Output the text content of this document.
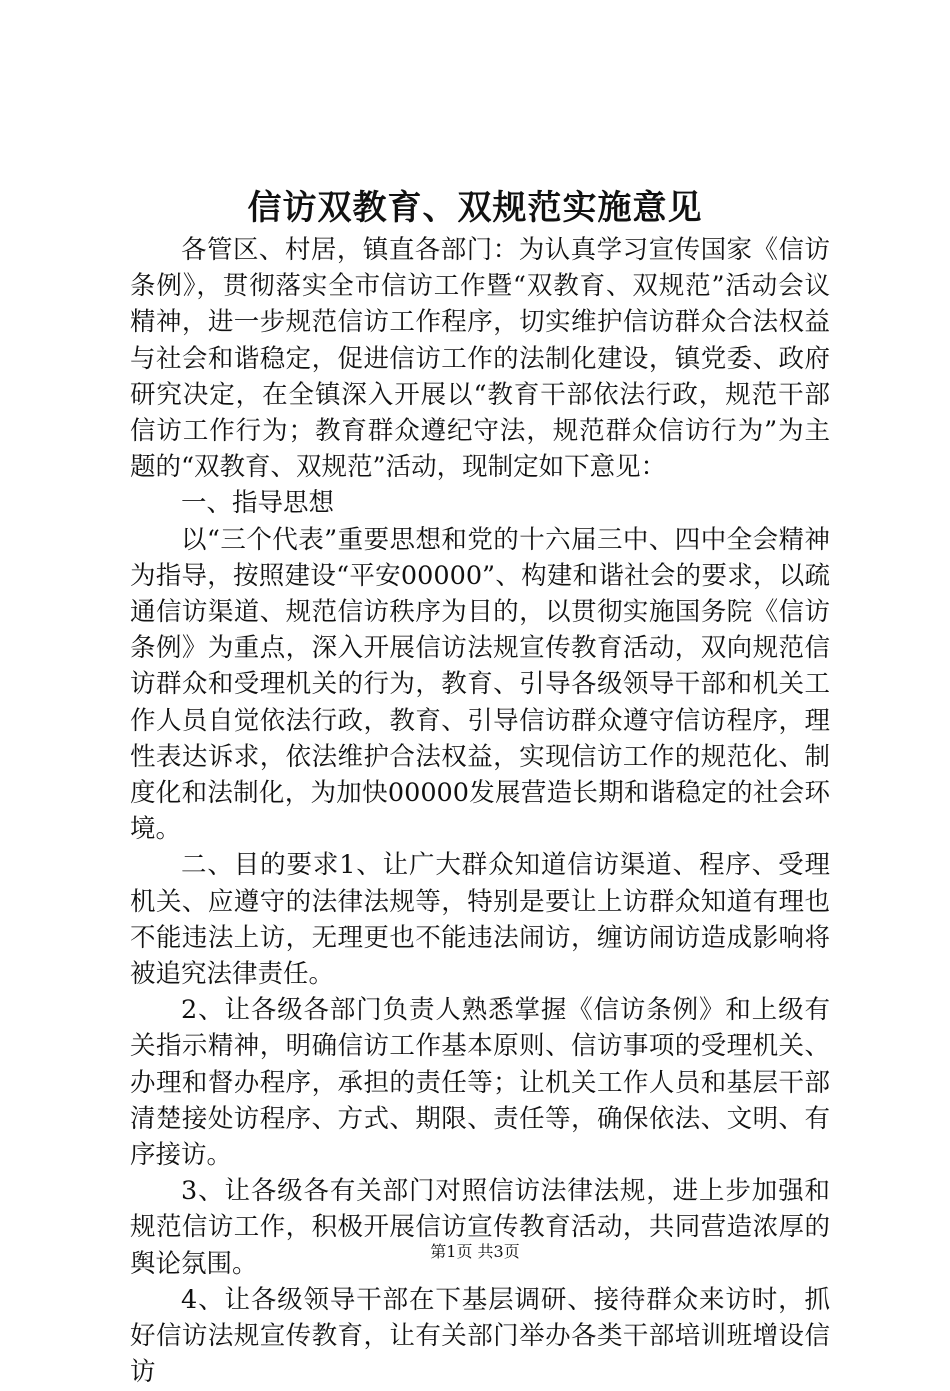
信访双教育、双规范实施意见

各管区、村居，镇直各部门：为认真学习宣传国家《信访条例》，贯彻落实全市信访工作暨“双教育、双规范”活动会议精神，进一步规范信访工作程序，切实维护信访群众合法权益与社会和谐稳定，促进信访工作的法制化建设，镇党委、政府研究决定，在全镇深入开展以“教育干部依法行政，规范干部信访工作行为；教育群众遵纪守法，规范群众信访行为”为主题的“双教育、双规范”活动，现制定如下意见：

一、指导思想

以“三个代表”重要思想和党的十六届三中、四中全会精神为指导，按照建设“平安00000”、构建和谐社会的要求，以疏通信访渠道、规范信访秩序为目的，以贯彻实施国务院《信访条例》为重点，深入开展信访法规宣传教育活动，双向规范信访群众和受理机关的行为，教育、引导各级领导干部和机关工作人员自觉依法行政，教育、引导信访群众遵守信访程序，理性表达诉求，依法维护合法权益，实现信访工作的规范化、制度化和法制化，为加快00000发展营造长期和谐稳定的社会环境。

二、目的要求1、让广大群众知道信访渠道、程序、受理机关、应遵守的法律法规等，特别是要让上访群众知道有理也不能违法上访，无理更也不能违法闹访，缠访闹访造成影响将被追究法律责任。

2、让各级各部门负责人熟悉掌握《信访条例》和上级有关指示精神，明确信访工作基本原则、信访事项的受理机关、办理和督办程序，承担的责任等；让机关工作人员和基层干部清楚接处访程序、方式、期限、责任等，确保依法、文明、有序接访。

3、让各级各有关部门对照信访法律法规，进上步加强和规范信访工作，积极开展信访宣传教育活动，共同营造浓厚的舆论氛围。

4、让各级领导干部在下基层调研、接待群众来访时，抓好信访法规宣传教育，让有关部门举办各类干部培训班增设信访

第1页 共3页
